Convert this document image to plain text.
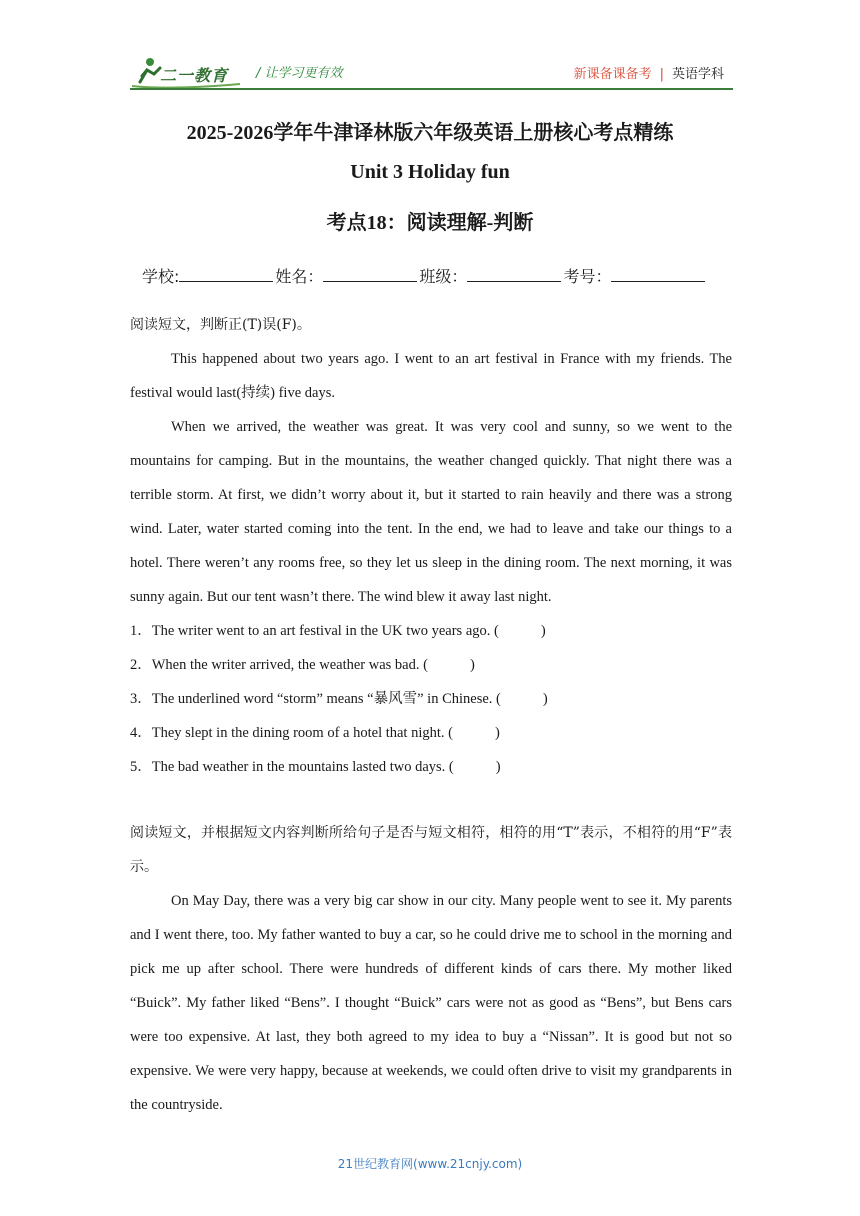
二一教育 / 让学习更有效	新课备课备考 | 英语学科
2025-2026学年牛津译林版六年级英语上册核心考点精练
Unit 3 Holiday fun
考点18：阅读理解-判断
学校:	姓名：	班级：	考号：

阅读短文，判断正(T)误(F)。

This happened about two years ago. I went to an art festival in France with my friends. The festival would last(持续) five days.

When we arrived, the weather was great. It was very cool and sunny, so we went to the mountains for camping. But in the mountains, the weather changed quickly. That night there was a terrible storm. At first, we didn’t worry about it, but it started to rain heavily and there was a strong wind. Later, water started coming into the tent. In the end, we had to leave and take our things to a hotel. There weren’t any rooms free, so they let us sleep in the dining room. The next morning, it was sunny again. But our tent wasn’t there. The wind blew it away last night.

1．The writer went to an art festival in the UK two years ago. (	)

2．When the writer arrived, the weather was bad. (	)

3．The underlined word “storm” means “暴风雪” in Chinese. (	)

4．They slept in the dining room of a hotel that night. (	)

5．The bad weather in the mountains lasted two days. (	)

阅读短文，并根据短文内容判断所给句子是否与短文相符，相符的用“T”表示，不相符的用“F”表示。

On May Day, there was a very big car show in our city. Many people went to see it. My parents and I went there, too. My father wanted to buy a car, so he could drive me to school in the morning and pick me up after school. There were hundreds of different kinds of cars there. My mother liked “Buick”. My father liked “Bens”. I thought “Buick” cars were not as good as “Bens”, but Bens cars were too expensive. At last, they both agreed to my idea to buy a “Nissan”. It is good but not so expensive. We were very happy, because at weekends, we could often drive to visit my grandparents in the countryside.

21世纪教育网(www.21cnjy.com)
